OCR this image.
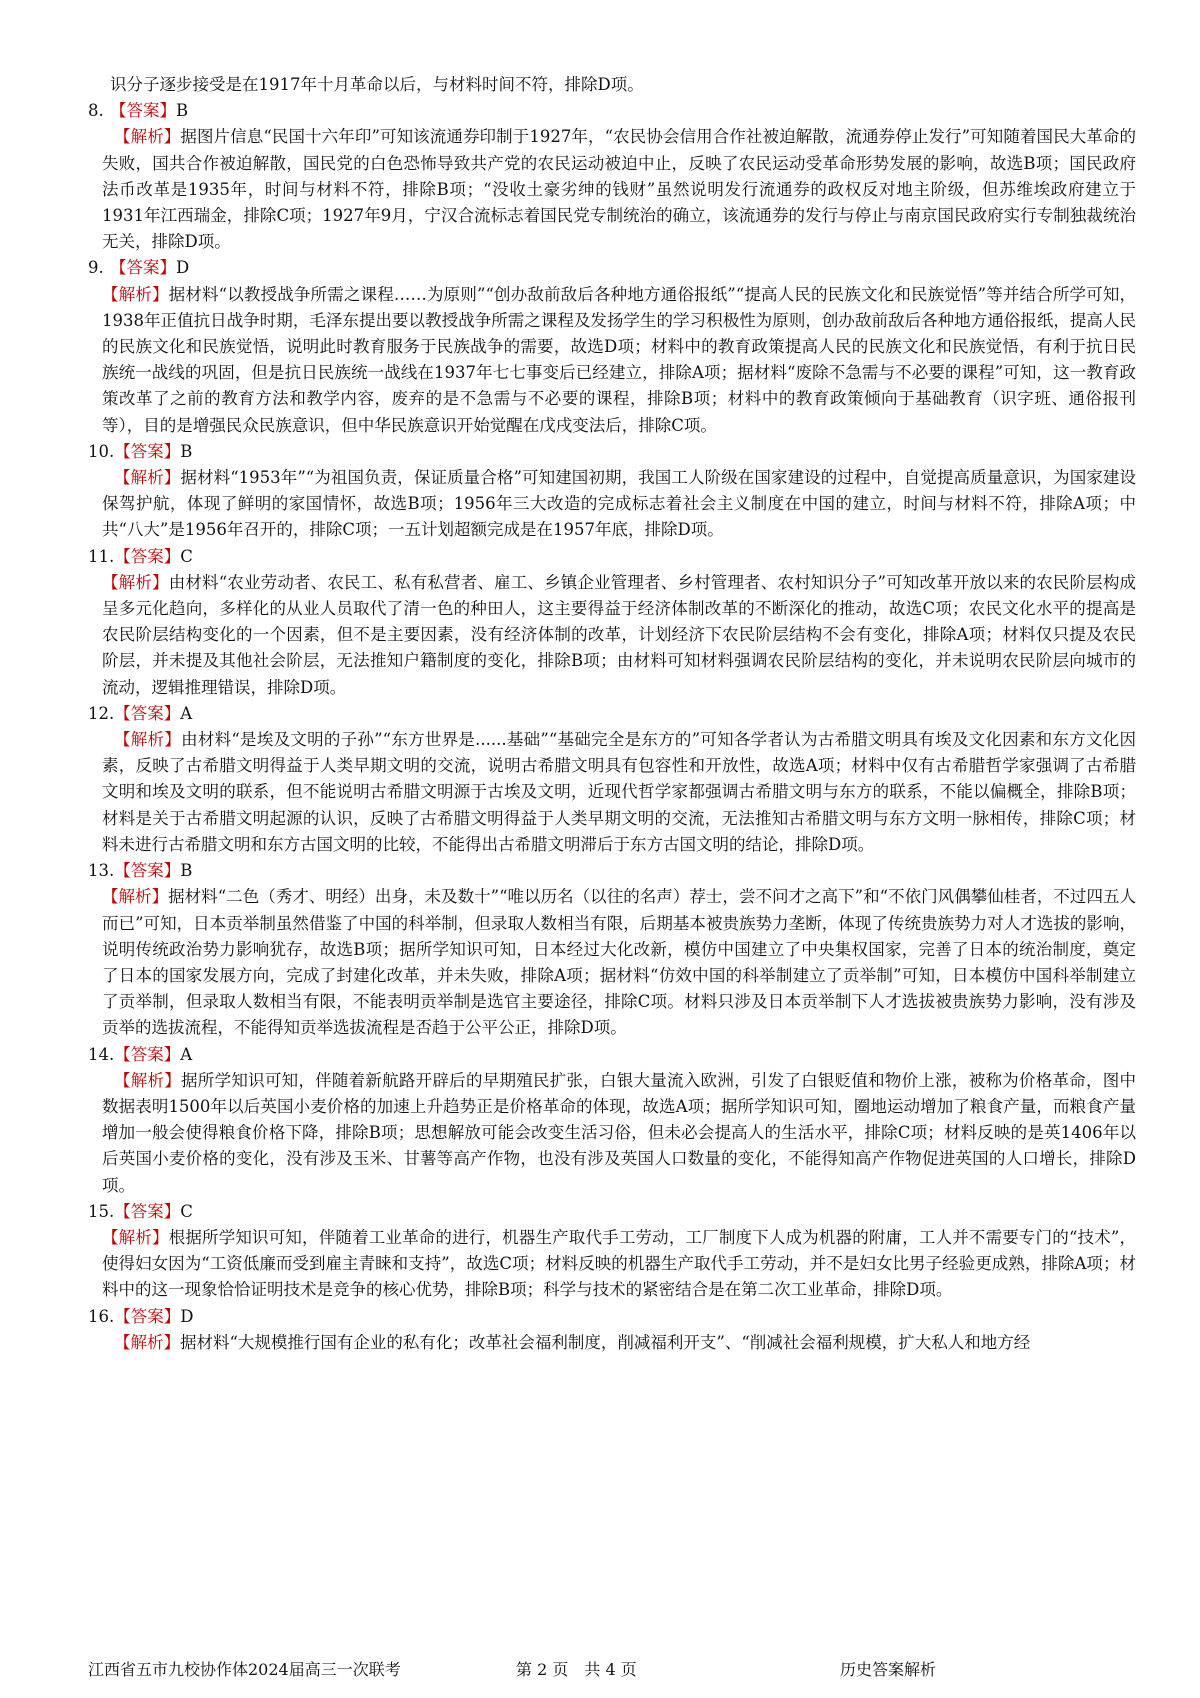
识分子逐步接受是在1917年十月革命以后，与材料时间不符，排除D项。

8. 【答案】B

【解析】据图片信息“民国十六年印”可知该流通券印制于1927年，“农民协会信用合作社被迫解散，流通券停止发行”可知随着国民大革命的失败，国共合作被迫解散，国民党的白色恐怖导致共产党的农民运动被迫中止，反映了农民运动受革命形势发展的影响，故选B项；国民政府法币改革是1935年，时间与材料不符，排除B项；“没收土豪劣绅的钱财”虽然说明发行流通券的政权反对地主阶级，但苏维埃政府建立于1931年江西瑞金，排除C项；1927年9月，宁汉合流标志着国民党专制统治的确立，该流通券的发行与停止与南京国民政府实行专制独裁统治无关，排除D项。

9. 【答案】D

【解析】据材料“以教授战争所需之课程……为原则”“创办敌前敌后各种地方通俗报纸”“提高人民的民族文化和民族觉悟”等并结合所学可知，1938年正值抗日战争时期，毛泽东提出要以教授战争所需之课程及发扬学生的学习积极性为原则，创办敌前敌后各种地方通俗报纸，提高人民的民族文化和民族觉悟，说明此时教育服务于民族战争的需要，故选D项；材料中的教育政策提高人民的民族文化和民族觉悟，有利于抗日民族统一战线的巩固，但是抗日民族统一战线在1937年七七事变后已经建立，排除A项；据材料“废除不急需与不必要的课程”可知，这一教育政策改革了之前的教育方法和教学内容，废弃的是不急需与不必要的课程，排除B项；材料中的教育政策倾向于基础教育（识字班、通俗报刊等），目的是增强民众民族意识，但中华民族意识开始觉醒在戊戌变法后，排除C项。

10.【答案】B

【解析】据材料“1953年”“为祖国负责，保证质量合格”可知建国初期，我国工人阶级在国家建设的过程中，自觉提高质量意识，为国家建设保驾护航，体现了鲜明的家国情怀，故选B项；1956年三大改造的完成标志着社会主义制度在中国的建立，时间与材料不符，排除A项；中共“八大”是1956年召开的，排除C项；一五计划超额完成是在1957年底，排除D项。

11.【答案】C

【解析】由材料“农业劳动者、农民工、私有私营者、雇工、乡镇企业管理者、乡村管理者、农村知识分子”可知改革开放以来的农民阶层构成呈多元化趋向，多样化的从业人员取代了清一色的种田人，这主要得益于经济体制改革的不断深化的推动，故选C项；农民文化水平的提高是农民阶层结构变化的一个因素，但不是主要因素，没有经济体制的改革，计划经济下农民阶层结构不会有变化，排除A项；材料仅只提及农民阶层，并未提及其他社会阶层，无法推知户籍制度的变化，排除B项；由材料可知材料强调农民阶层结构的变化，并未说明农民阶层向城市的流动，逻辑推理错误，排除D项。

12.【答案】A

【解析】由材料“是埃及文明的子孙”“东方世界是......基础”“基础完全是东方的”可知各学者认为古希腊文明具有埃及文化因素和东方文化因素，反映了古希腊文明得益于人类早期文明的交流，说明古希腊文明具有包容性和开放性，故选A项；材料中仅有古希腊哲学家强调了古希腊文明和埃及文明的联系，但不能说明古希腊文明源于古埃及文明，近现代哲学家都强调古希腊文明与东方的联系，不能以偏概全，排除B项；材料是关于古希腊文明起源的认识，反映了古希腊文明得益于人类早期文明的交流，无法推知古希腊文明与东方文明一脉相传，排除C项；材料未进行古希腊文明和东方古国文明的比较，不能得出古希腊文明滞后于东方古国文明的结论，排除D项。

13.【答案】B

【解析】据材料“二色（秀才、明经）出身，未及数十”“唯以历名（以往的名声）荐士，尝不问才之高下”和“不依门风偶攀仙桂者，不过四五人而已”可知，日本贡举制虽然借鉴了中国的科举制，但录取人数相当有限，后期基本被贵族势力垄断，体现了传统贵族势力对人才选拔的影响，说明传统政治势力影响犹存，故选B项；据所学知识可知，日本经过大化改新，模仿中国建立了中央集权国家，完善了日本的统治制度，奠定了日本的国家发展方向，完成了封建化改革，并未失败，排除A项；据材料“仿效中国的科举制建立了贡举制”可知，日本模仿中国科举制建立了贡举制，但录取人数相当有限，不能表明贡举制是选官主要途径，排除C项。材料只涉及日本贡举制下人才选拔被贵族势力影响，没有涉及贡举的选拔流程，不能得知贡举选拔流程是否趋于公平公正，排除D项。

14.【答案】A

【解析】据所学知识可知，伴随着新航路开辟后的早期殖民扩张，白银大量流入欧洲，引发了白银贬值和物价上涨，被称为价格革命，图中数据表明1500年以后英国小麦价格的加速上升趋势正是价格革命的体现，故选A项；据所学知识可知，圈地运动增加了粮食产量，而粮食产量增加一般会使得粮食价格下降，排除B项；思想解放可能会改变生活习俗，但未必会提高人的生活水平，排除C项；材料反映的是英1406年以后英国小麦价格的变化，没有涉及玉米、甘薯等高产作物，也没有涉及英国人口数量的变化，不能得知高产作物促进英国的人口增长，排除D项。

15.【答案】C

【解析】根据所学知识可知，伴随着工业革命的进行，机器生产取代手工劳动，工厂制度下人成为机器的附庸，工人并不需要专门的“技术”，使得妇女因为“工资低廉而受到雇主青睐和支持”，故选C项；材料反映的机器生产取代手工劳动，并不是妇女比男子经验更成熟，排除A项；材料中的这一现象恰恰证明技术是竞争的核心优势，排除B项；科学与技术的紧密结合是在第二次工业革命，排除D项。

16.【答案】D

【解析】据材料“大规模推行国有企业的私有化；改革社会福利制度，削减福利开支”、“削减社会福利规模，扩大私人和地方经

江西省五市九校协作体2024届高三一次联考	第 2 页　共 4 页	历史答案解析
